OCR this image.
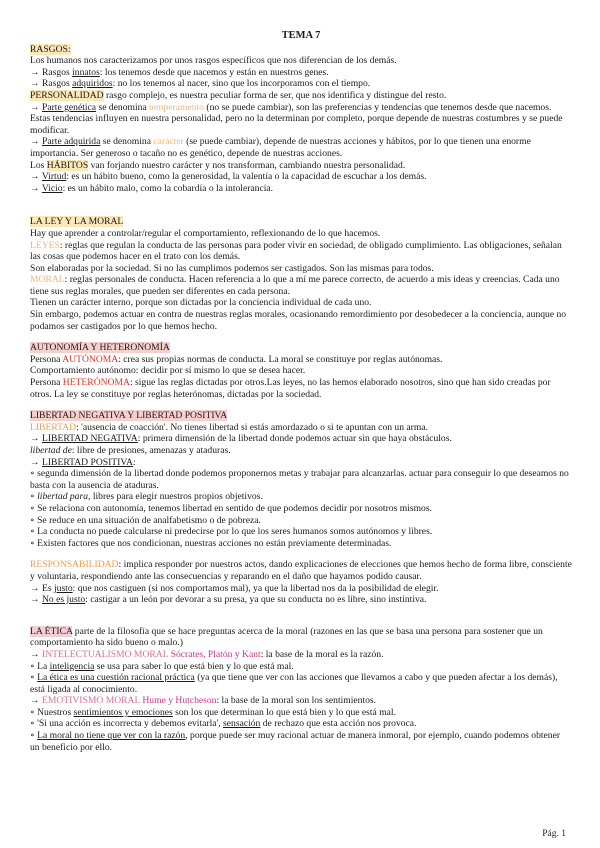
TEMA 7

RASGOS:

Los humanos nos caracterizamos por unos rasgos específicos que nos diferencian de los demás.

→ Rasgos innatos: los tenemos desde que nacemos y están en nuestros genes.

→ Rasgos adquiridos: no los tenemos al nacer, sino que los incorporamos con el tiempo.

PERSONALIDAD rasgo complejo, es nuestra peculiar forma de ser, que nos identifica y distingue del resto.

→ Parte genética se denomina temperamento (no se puede cambiar), son las preferencias y tendencias que tenemos desde que nacemos. Estas tendencias influyen en nuestra personalidad, pero no la determinan por completo, porque depende de nuestras costumbres y se puede modificar.

→ Parte adquirida se denomina carácter (se puede cambiar), depende de nuestras acciones y hábitos, por lo que tienen una enorme importancia. Ser generoso o tacaño no es genético, depende de nuestras acciones.

Los HÁBITOS van forjando nuestro carácter y nos transforman, cambiando nuestra personalidad.

→ Virtud: es un hábito bueno, como la generosidad, la valentía o la capacidad de escuchar a los demás.

→ Vicio: es un hábito malo, como la cobardía o la intolerancia.

LA LEY Y LA MORAL

Hay que aprender a controlar/regular el comportamiento, reflexionando de lo que hacemos.

LEYES: reglas que regulan la conducta de las personas para poder vivir en sociedad, de obligado cumplimiento. Las obligaciones, señalan las cosas que podemos hacer en el trato con los demás.

Son elaboradas por la sociedad. Si no las cumplimos podemos ser castigados. Son las mismas para todos.

MORAL: reglas personales de conducta. Hacen referencia a lo que a mí me parece correcto, de acuerdo a mis ideas y creencias. Cada uno tiene sus reglas morales, que pueden ser diferentes en cada persona.

Tienen un carácter interno, porque son dictadas por la conciencia individual de cada uno.

Sin embargo, podemos actuar en contra de nuestras reglas morales, ocasionando remordimiento por desobedecer a la conciencia, aunque no podamos ser castigados por lo que hemos hecho.

AUTONOMÍA Y HETERONOMÍA

Persona AUTÓNOMA: crea sus propias normas de conducta. La moral se constituye por reglas autónomas.

Comportamiento autónomo: decidir por sí mismo lo que se desea hacer.

Persona HETERÓNOMA: sigue las reglas dictadas por otros.Las leyes, no las hemos elaborado nosotros, sino que han sido creadas por otros. La ley se constituye por reglas heterónomas, dictadas por la sociedad.

LIBERTAD NEGATIVA Y LIBERTAD POSITIVA

LIBERTAD: 'ausencia de coacción'. No tienes libertad si estás amordazado o si te apuntan con un arma.

→ LIBERTAD NEGATIVA: primera dimensión de la libertad donde podemos actuar sin que haya obstáculos.

libertad de: libre de presiones, amenazas y ataduras.

→ LIBERTAD POSITIVA:

∘ segunda dimensión de la libertad donde podemos proponernos metas y trabajar para alcanzarlas. actuar para conseguir lo que deseamos no basta con la ausencia de ataduras.

∘ libertad para, libres para elegir nuestros propios objetivos.

∘ Se relaciona con autonomía, tenemos libertad en sentido de que podemos decidir por nosotros mismos.

∘ Se reduce en una situación de analfabetismo o de pobreza.

∘ La conducta no puede calcularse ni predecirse por lo que los seres humanos somos autónomos y libres.

∘ Existen factores que nos condicionan, nuestras acciones no están previamente determinadas.

RESPONSABILIDAD: implica responder por nuestros actos, dando explicaciones de elecciones que hemos hecho de forma libre, consciente y voluntaria, respondiendo ante las consecuencias y reparando en el daño que hayamos podido causar.

→ Es justo: que nos castiguen (si nos comportamos mal), ya que la libertad nos da la posibilidad de elegir.

→ No es justo: castigar a un león por devorar a su presa, ya que su conducta no es libre, sino instintiva.

LA ÉTICA parte de la filosofía que se hace preguntas acerca de la moral (razones en las que se basa una persona para sostener que un comportamiento ha sido bueno o malo.)

→ INTELECTUALISMO MORAL Sócrates, Platón y Kant: la base de la moral es la razón.

∘ La inteligencia se usa para saber lo que está bien y lo que está mal.

∘ La ética es una cuestión racional práctica (ya que tiene que ver con las acciones que llevamos a cabo y que pueden afectar a los demás), está ligada al conocimiento.

→ EMOTIVISMO MORAL Hume y Hutcheson: la base de la moral son los sentimientos.

∘ Nuestros sentimientos y emociones son los que determinan lo que está bien y lo que está mal.

∘ 'Si una acción es incorrecta y debemos evitarla', sensación de rechazo que esta acción nos provoca.

∘ La moral no tiene que ver con la razón, porque puede ser muy racional actuar de manera inmoral, por ejemplo, cuando podemos obtener un beneficio por ello.

Pág. 1
